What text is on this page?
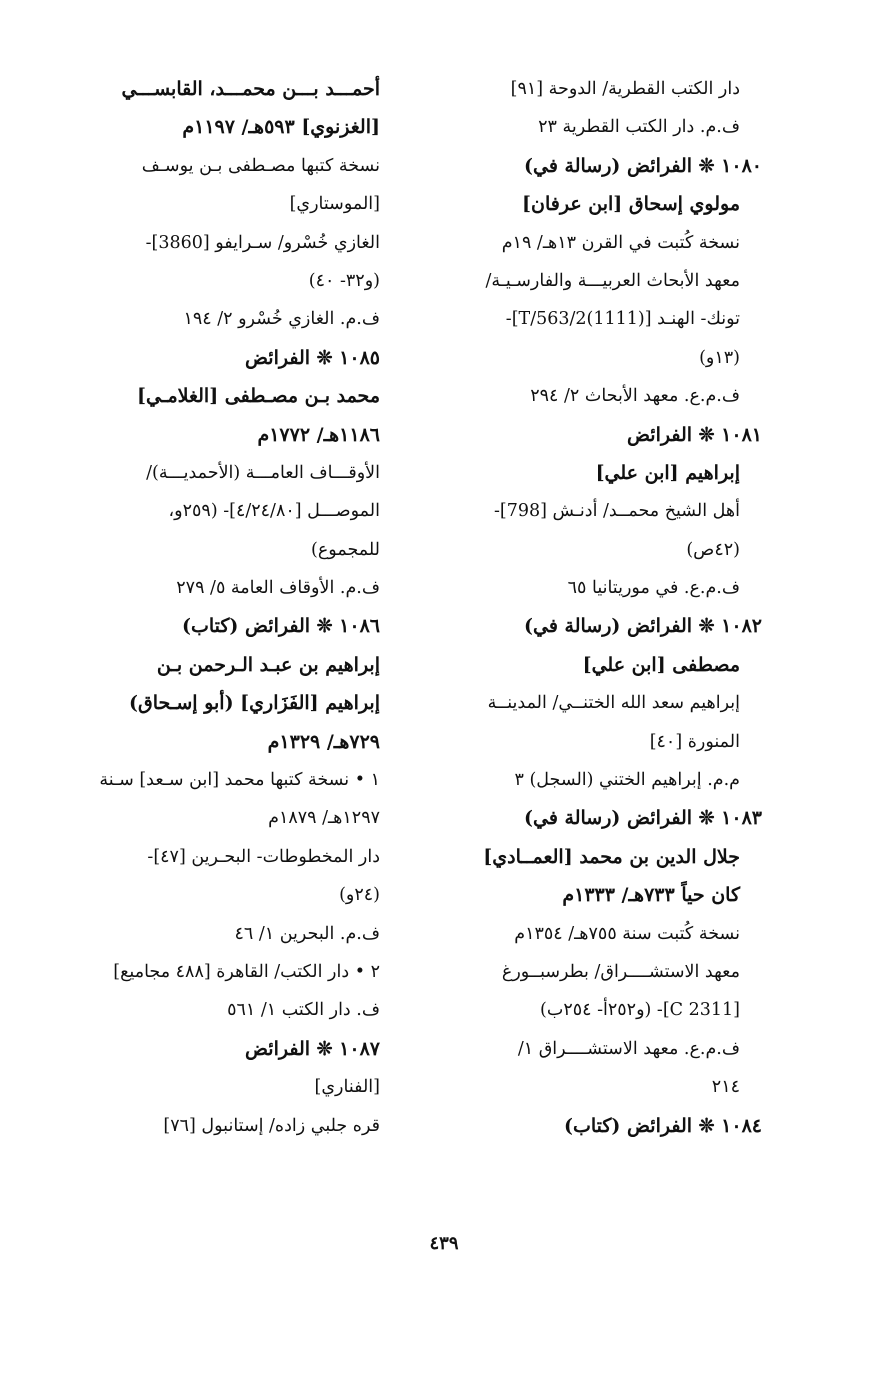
دار الكتب القطرية/ الدوحة [٩١]
ف.م. دار الكتب القطرية ٢٣
١٠٨٠ ❊ الفرائض (رسالة في)
مولوي إسحاق [ابن عرفان]
نسخة كُتبت في القرن ١٣هـ/ ١٩م
معهد الأبحاث العربيـــة والفارسـيـة/
تونك- الهنـد [T/563/2(1111)]-
(١٣و)
ف.م.ع. معهد الأبحاث ٢/ ٢٩٤
١٠٨١ ❊ الفرائض
إبراهيم [ابن علي]
أهل الشيخ محمــد/ أدنـش [798]-
(٤٢ص)
ف.م.ع. في موريتانيا ٦٥
١٠٨٢ ❊ الفرائض (رسالة في)
مصطفى [ابن علي]
إبراهيم سعد الله الختنــي/ المدينــة
المنورة [٤٠]
م.م. إبراهيم الختني (السجل) ٣
١٠٨٣ ❊ الفرائض (رسالة في)
جلال الدين بن محمد [العمــادي]
كان حياً ٧٣٣هـ/ ١٣٣٣م
نسخة كُتبت سنة ٧٥٥هـ/ ١٣٥٤م
معهد الاستشــــراق/ بطرسبــورغ
[C 2311]- (و٢٥٢أ- ٢٥٤ب)
ف.م.ع. معهد الاستشــــراق ١/
٢١٤
١٠٨٤ ❊ الفرائض (كتاب)
أحمـــد بـــن محمـــد، القابســـي
[الغزنوي] ٥٩٣هـ/ ١١٩٧م
نسخة كتبها مصـطفى بـن يوسـف
[الموستاري]
الغازي خُسْرو/ سـرايفو [3860]-
(و٣٢- ٤٠)
ف.م. الغازي خُسْرو ٢/ ١٩٤
١٠٨٥ ❊ الفرائض
محمد بـن مصـطفى [الغلامـي]
١١٨٦هـ/ ١٧٧٢م
الأوقـــاف العامـــة (الأحمديـــة)/
الموصـــل [٤/٢٤/٨٠]- (٢٥٩و،
للمجموع)
ف.م. الأوقاف العامة ٥/ ٢٧٩
١٠٨٦ ❊ الفرائض (كتاب)
إبراهيم بن عبـد الـرحمن بـن
إبراهيم [الفَزَاري] (أبو إسـحاق)
٧٢٩هـ/ ١٣٢٩م
١ • نسخة كتبها محمد [ابن سـعد] سـنة
١٢٩٧هـ/ ١٨٧٩م
دار المخطوطات- البحـرين [٤٧]-
(٢٤و)
ف.م. البحرين ١/ ٤٦
٢ • دار الكتب/ القاهرة [٤٨٨ مجاميع]
ف. دار الكتب ١/ ٥٦١
١٠٨٧ ❊ الفرائض
[الفناري]
قره جلبي زاده/ إستانبول [٧٦]
٤٣٩
